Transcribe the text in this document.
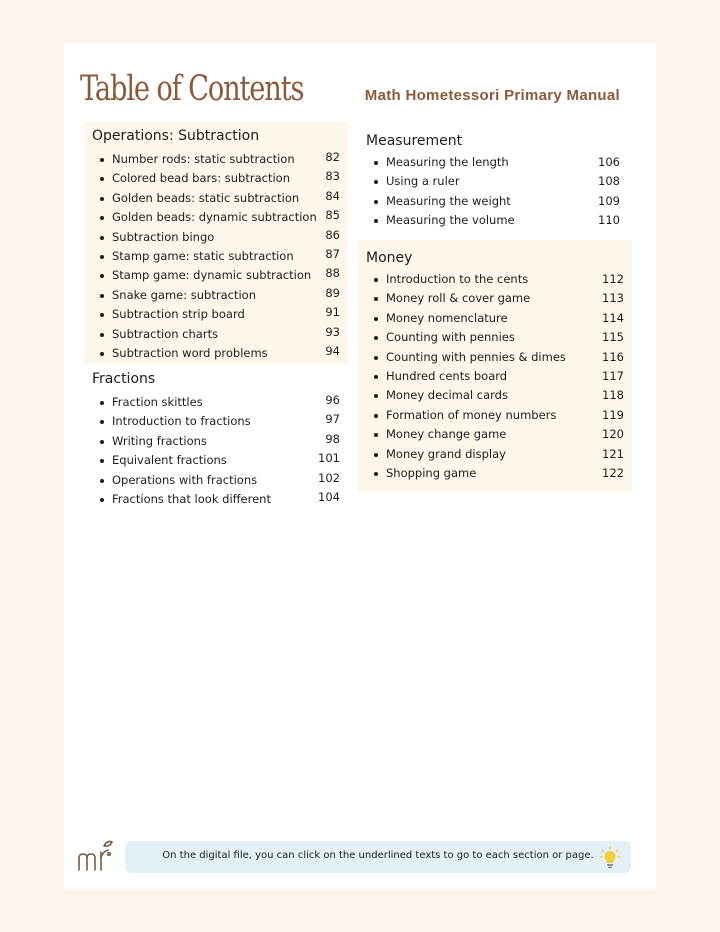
Table of Contents	Math Hometessori Primary Manual
Operations: Subtraction
Number rods: static subtraction	82
Colored bead bars: subtraction	83
Golden beads: static subtraction 84
Golden beads: dynamic subtraction 85
Subtraction bingo	86
Stamp game: static subtraction	87
Stamp game: dynamic subtraction 88
Snake game: subtraction	89
Subtraction strip board	91
Subtraction charts	93
Subtraction word problems	94
Fractions
Fraction skittles	96
Introduction to fractions	97
Writing fractions	98
Equivalent fractions	101
Operations with fractions	102
Fractions that look different	104
Measurement
Measuring the length	106
Using a ruler	108
Measuring the weight	109
Measuring the volume	110
Money
Introduction to the cents	112
Money roll & cover game	113
Money nomenclature	114
Counting with pennies	115
Counting with pennies & dimes	116
Hundred cents board	117
Money decimal cards	118
Formation of money numbers	119
Money change game	120
Money grand display	121
Shopping game	122
On the digital file, you can click on the underlined texts to go to each section or page.
